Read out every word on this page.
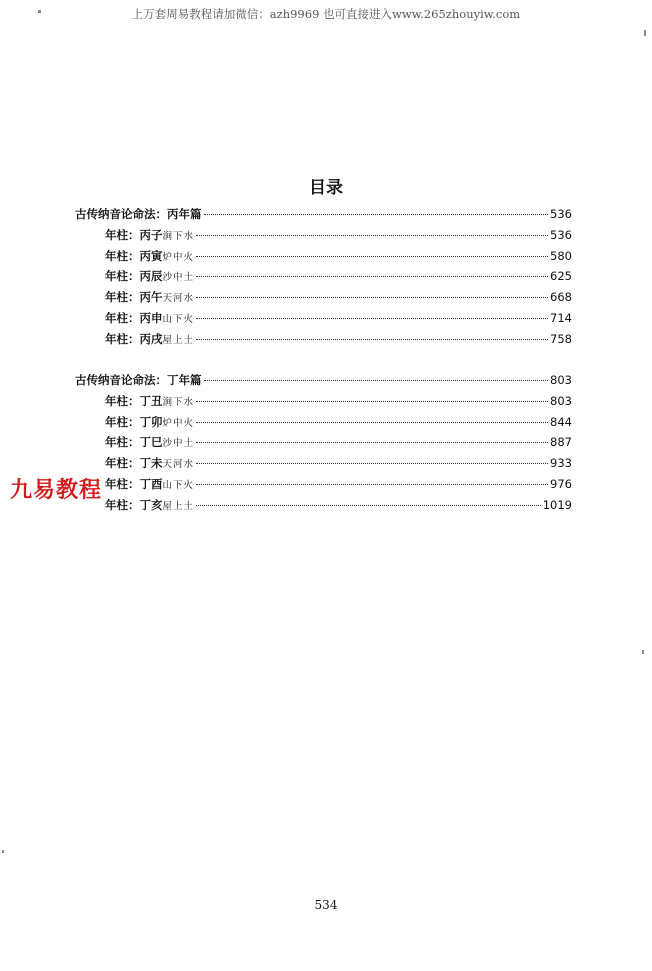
上万套周易教程请加微信：azh9969 也可直接进入www.265zhouyiw.com
目录
古传纳音论命法：丙年篇	536
年柱： 丙子 涧下水	536
年柱： 丙寅 炉中火	580
年柱： 丙辰 沙中土	625
年柱： 丙午 天河水	668
年柱： 丙申 山下火	714
年柱： 丙戌 屋上土	758
古传纳音论命法：丁年篇	803
年柱： 丁丑 涧下水	803
年柱： 丁卯 炉中火	844
年柱： 丁巳 沙中土	887
年柱： 丁未 天河水	933
年柱： 丁酉 山下火	976
年柱： 丁亥 屋上土	1019
九易教程
534
